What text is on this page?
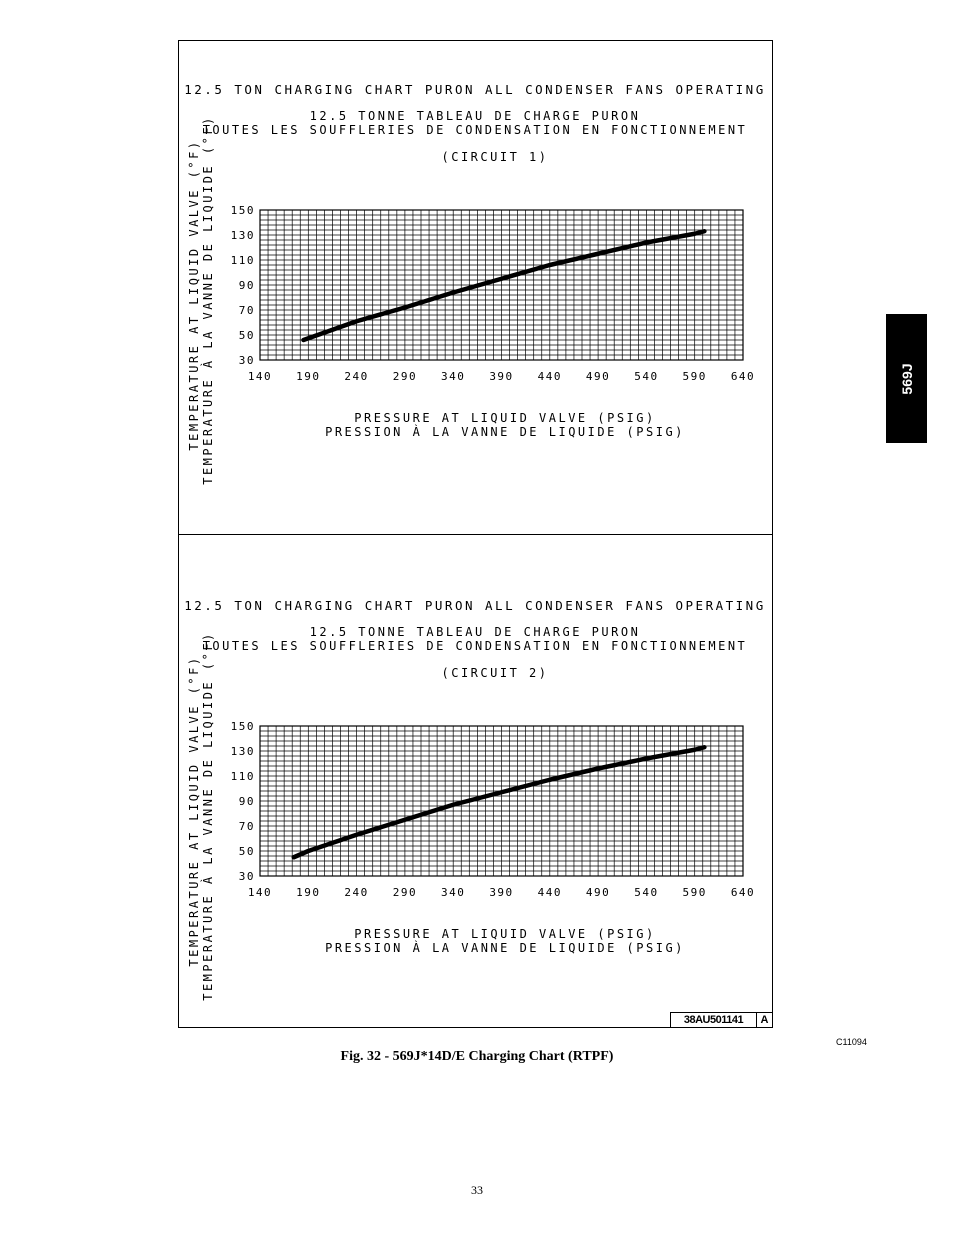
12.5 TON CHARGING CHART PURON ALL CONDENSER FANS OPERATING
12.5 TONNE TABLEAU DE CHARGE PURON
TOUTES LES SOUFFLERIES DE CONDENSATION EN FONCTIONNEMENT
(CIRCUIT 1)
30
50
70
90
110
130
150
140 190 240 290 340 390 440 490 540 590 640
PRESSURE AT LIQUID VALVE (PSIG)
PRESSION À LA VANNE DE LIQUIDE (PSIG)
TEMPERATURE AT LIQUID VALVE (°F) TEMPERATURE À LA VANNE DE LIQUIDE (°F)
12.5 TON CHARGING CHART PURON ALL CONDENSER FANS OPERATING
12.5 TONNE TABLEAU DE CHARGE PURON
TOUTES LES SOUFFLERIES DE CONDENSATION EN FONCTIONNEMENT
(CIRCUIT 2)
30
50
70
90
110
130
150
140 190 240 290 340 390 440 490 540 590 640
PRESSURE AT LIQUID VALVE (PSIG)
PRESSION À LA VANNE DE LIQUIDE (PSIG)
TEMPERATURE AT LIQUID VALVE (°F) TEMPERATURE À LA VANNE DE LIQUIDE (°F)
38AU501141	A
C11094
Fig. 32 - 569J*14D/E Charging Chart (RTPF)
33
569J
